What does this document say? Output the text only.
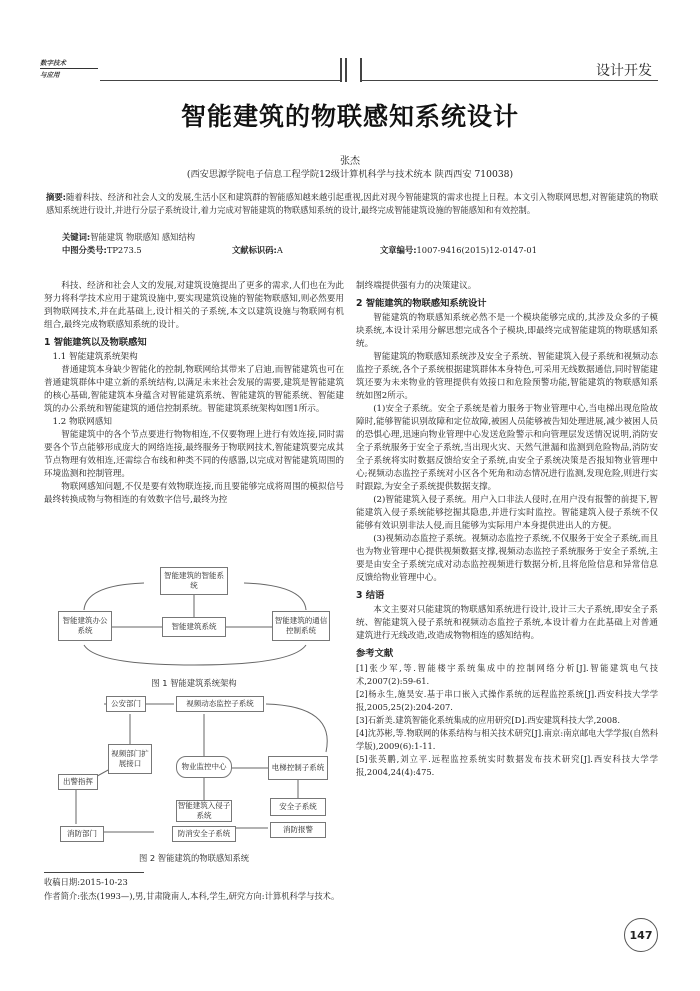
数字技术
与应用	设计开发
智能建筑的物联感知系统设计
张杰
(西安思源学院电子信息工程学院12级计算机科学与技术统本 陕西西安 710038)
摘要:随着科技、经济和社会人文的发展,生活小区和建筑群的智能感知越来越引起重视,因此对现今智能建筑的需求也提上日程。本文引入物联网思想,对智能建筑的物联感知系统进行设计,并进行分层子系统设计,着力完成对智能建筑的物联感知系统的设计,最终完成智能建筑设施的智能感知和有效控制。
关键词:智能建筑 物联感知 感知结构
中图分类号:TP273.5	文献标识码:A	文章编号:1007-9416(2015)12-0147-01

科技、经济和社会人文的发展,对建筑设施提出了更多的需求,人们也在为此努力将科学技术应用于建筑设施中,要实现建筑设施的智能物联感知,则必然要用到物联网技术,并在此基础上,设计相关的子系统,本文以建筑设施与物联网有机组合,最终完成物联感知系统的设计。

1 智能建筑以及物联感知

1.1 智能建筑系统架构

普通建筑本身缺少智能化的控制,物联网给其带来了启迪,而智能建筑也可在普通建筑群体中建立新的系统结构,以满足未来社会发展的需要,建筑是智能建筑的核心基础,智能建筑本身蕴含对智能建筑系统、智能建筑的智能系统、智能建筑的办公系统和智能建筑的通信控制系统。智能建筑系统架构如图1所示。

1.2 物联网感知

智能建筑中的各个节点要进行物物相连,不仅要物理上进行有效连接,同时需要各个节点能够形成庞大的网络连接,最终服务于物联网技术,智能建筑要完成其节点物理有效相连,还需综合布线和种类不同的传感器,以完成对智能建筑周围的环境监测和控制管理。

物联网感知问题,不仅是要有效物联连接,而且要能够完成将周围的模拟信号最终转换成物与物相连的有效数字信号,最终为控

智能建筑的智能系统
智能建筑办公系统	智能建筑系统
智能建筑的通信控制系统
图 1 智能建筑系统架构
公安部门	视频动态监控子系统
出警指挥
视频部门扩展接口	物业监控中心	电梯控制子系统
智能建筑入侵子系统
安全子系统
消防部门	防消安全子系统	消防报警
图 2 智能建筑的物联感知系统

制终端提供强有力的决策建议。

2 智能建筑的物联感知系统设计

智能建筑的物联感知系统必然不是一个模块能够完成的,其涉及众多的子模块系统,本设计采用分解思想完成各个子模块,即最终完成智能建筑的物联感知系统。

智能建筑的物联感知系统涉及安全子系统、智能建筑入侵子系统和视频动态监控子系统,各个子系统根据建筑群体本身特色,可采用无线数据通信,同时智能建筑还要为未来物业的管理提供有效接口和危险预警功能,智能建筑的物联感知系统如图2所示。

(1)安全子系统。安全子系统是着力服务于物业管理中心,当电梯出现危险故障时,能够智能识别故障和定位故障,被困人员能够被告知处理进展,减少被困人员的恐惧心理,迅速向物业管理中心发送危险警示和向管理层发送情况说明,消防安全子系统服务于安全子系统,当出现火灾、天然气泄漏和监测到危险物品,消防安全子系统将实时数据反馈给安全子系统,由安全子系统决策是否报知物业管理中心;视频动态监控子系统对小区各个死角和动态情况进行监测,发现危险,则进行实时跟踪,为安全子系统提供数据支撑。

(2)智能建筑入侵子系统。用户入口非法人侵时,在用户没有报警的前提下,智能建筑入侵子系统能够挖掘其隐患,并进行实时监控。智能建筑入侵子系统不仅能够有效识别非法人侵,而且能够为实际用户本身提供进出人的方便。

(3)视频动态监控子系统。视频动态监控子系统,不仅服务于安全子系统,而且也为物业管理中心提供视频数据支撑,视频动态监控子系统服务于安全子系统,主要是由安全子系统完成对动态监控视频进行数据分析,且将危险信息和异常信息反馈给物业管理中心。

3 结语

本文主要对只能建筑的物联感知系统进行设计,设计三大子系统,即安全子系统、智能建筑入侵子系统和视频动态监控子系统,本设计着力在此基础上对普通建筑进行无线改造,改造成物物相连的感知结构。

参考文献

[1]张少军,等.智能楼宇系统集成中的控制网络分析[J].智能建筑电气技术,2007(2):59-61.
[2]杨永生,施昊安.基于串口嵌入式操作系统的远程监控系统[J].西安科技大学学报,2005,25(2):204-207.
[3]石新美.建筑智能化系统集成的应用研究[D].西安建筑科技大学,2008.
[4]沈苏彬,等.物联网的体系结构与相关技术研究[J].南京:南京邮电大学学报(自然科学版),2009(6):1-11.
[5]张英鹏,刘立平.远程监控系统实时数据发布技术研究[J].西安科技大学学报,2004,24(4):475.
收稿日期:2015-10-23
作者简介:张杰(1993—),男,甘肃陇南人,本科,学生,研究方向:计算机科学与技术。
147
